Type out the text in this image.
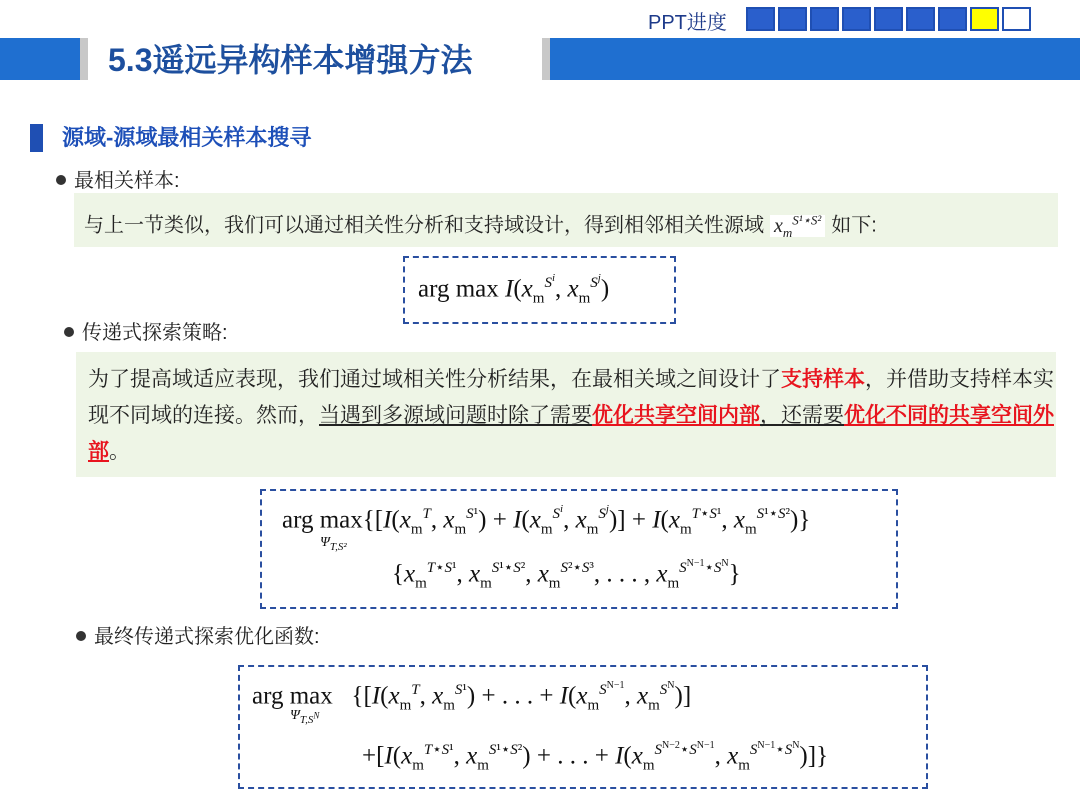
PPT进度
5.3遥远异构样本增强方法
源域-源域最相关样本搜寻
最相关样本:
与上一节类似，我们可以通过相关性分析和支持域设计，得到相邻相关性源域 $x_m^{S^1⋆S^2}$ 如下:
arg $\max I(x_m^{S^i}$, $x_m^{S^j}$)
传递式探索策略:
为了提高域适应表现，我们通过域相关性分析结果，在最相关域之间设计了支持样本，并借助支持样本实现不同域的连接。然而，当遇到多源域问题时除了需要优化共享空间内部，还需要优化不同的共享空间外部。
arg $\max\{[I(x_m^T$, $x_m^{S^1}) + I(x_m^{S^i}$, $x_m^{S^j})] + I(x_m^{T⋆S^1}$, $x_m^{S^1⋆S^2}$)}
$\Psi_{T,S^2}$
{$x_m^{T⋆S^1}$, $x_m^{S^1⋆S^2}$, $x_m^{S^2⋆S^3}$, . . . , $x_m^{S^{N-1}⋆S^N}$}
最终传递式探索优化函数:
arg $\max \{[I(x_m^T$, $x_m^{S^1}$) + . . . + $I(x_m^{S^{N-1}}$, $x_m^{S^N}$)]
$\Psi_{T,S^N}$
$+[I(x_m^{T⋆S^1}$, $x_m^{S^1⋆S^2}$) + . . . + $I(x_m^{S^{N-2}⋆S^{N-1}}$, $x_m^{S^{N-1}⋆S^N}$)]}
